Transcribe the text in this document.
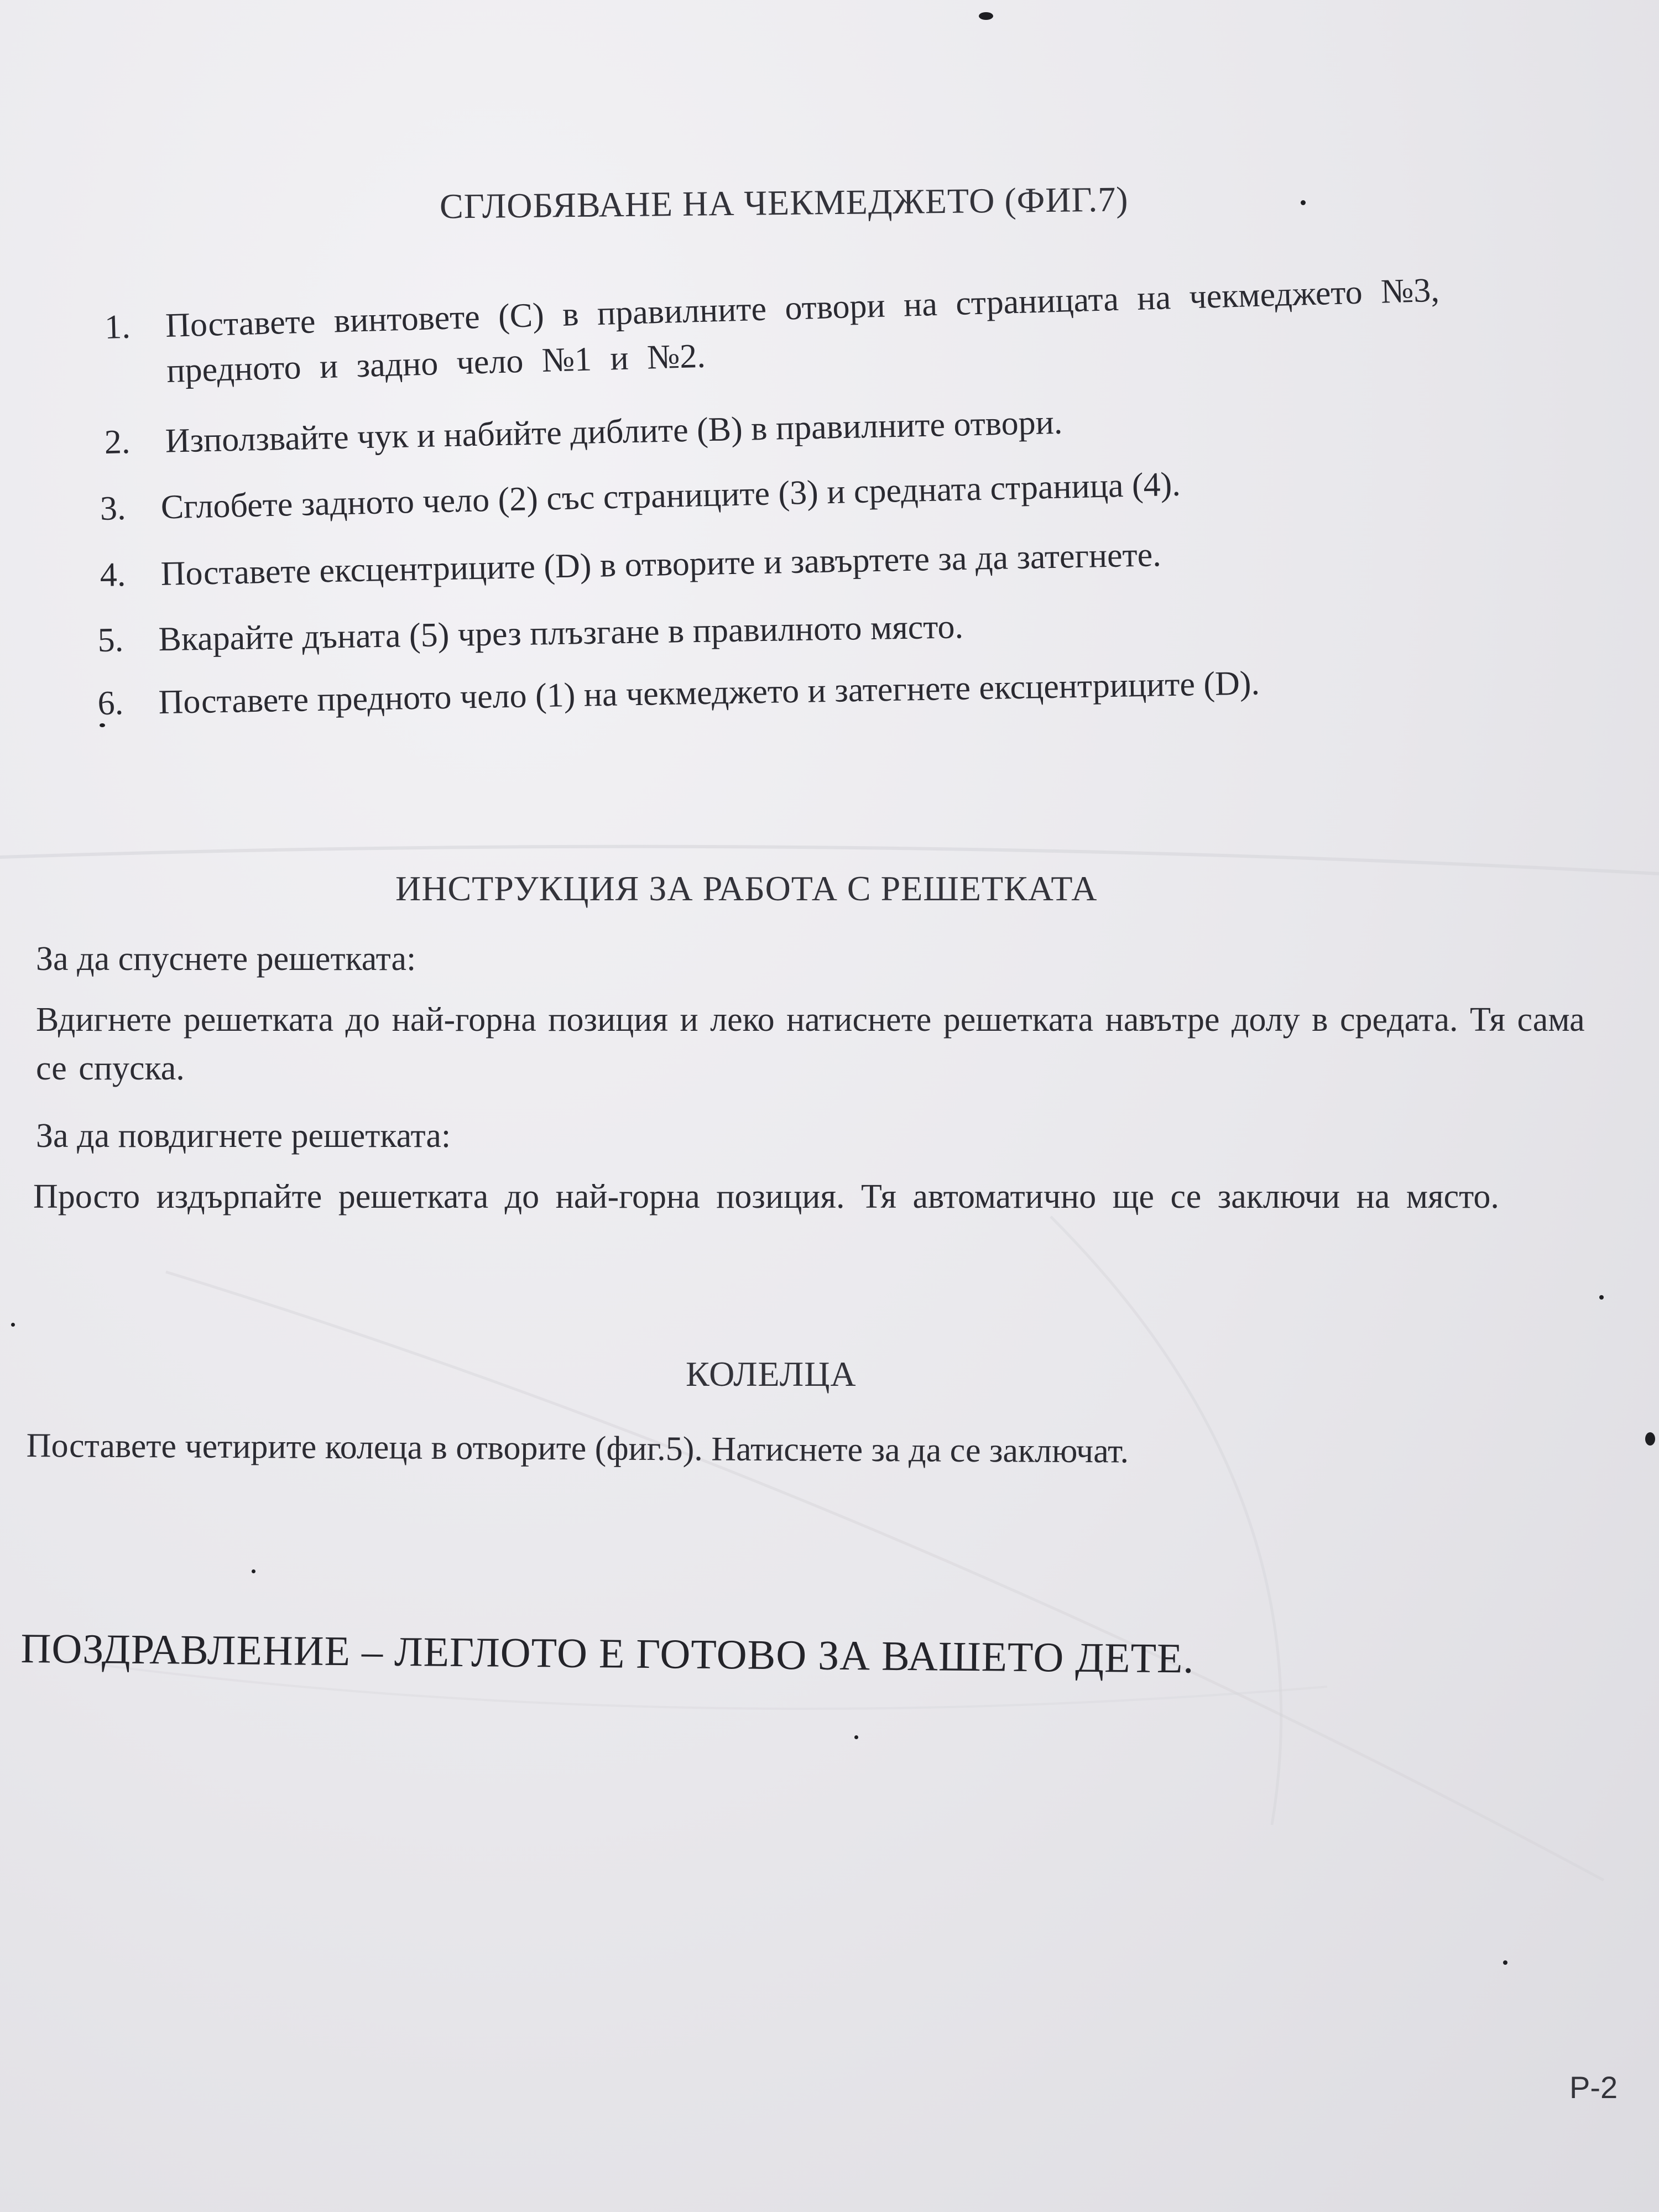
СГЛОБЯВАНЕ НА ЧЕКМЕДЖЕТО (ФИГ.7)
1. Поставете винтовете (C) в правилните отвори на страницата на чекмеджето №3, предното и задно чело №1 и №2.
2. Използвайте чук и набийте диблите (B) в правилните отвори.
3. Сглобете задното чело (2) със страниците (3) и средната страница (4).
4. Поставете ексцентриците (D) в отворите и завъртете за да затегнете.
5. Вкарайте дъната (5) чрез плъзгане в правилното място.
6. Поставете предното чело (1) на чекмеджето и затегнете ексцентриците (D).
ИНСТРУКЦИЯ ЗА РАБОТА С РЕШЕТКАТА
За да спуснете решетката:
Вдигнете решетката до най-горна позиция и леко натиснете решетката навътре долу в средата. Тя сама се спуска.
За да повдигнете решетката:
Просто издърпайте решетката до най-горна позиция. Тя автоматично ще се заключи на място.
КОЛЕЛЦА
Поставете четирите колеца в отворите (фиг.5). Натиснете за да се заключат.
ПОЗДРАВЛЕНИЕ – ЛЕГЛОТО Е ГОТОВО ЗА ВАШЕТО ДЕТЕ.
P-2
